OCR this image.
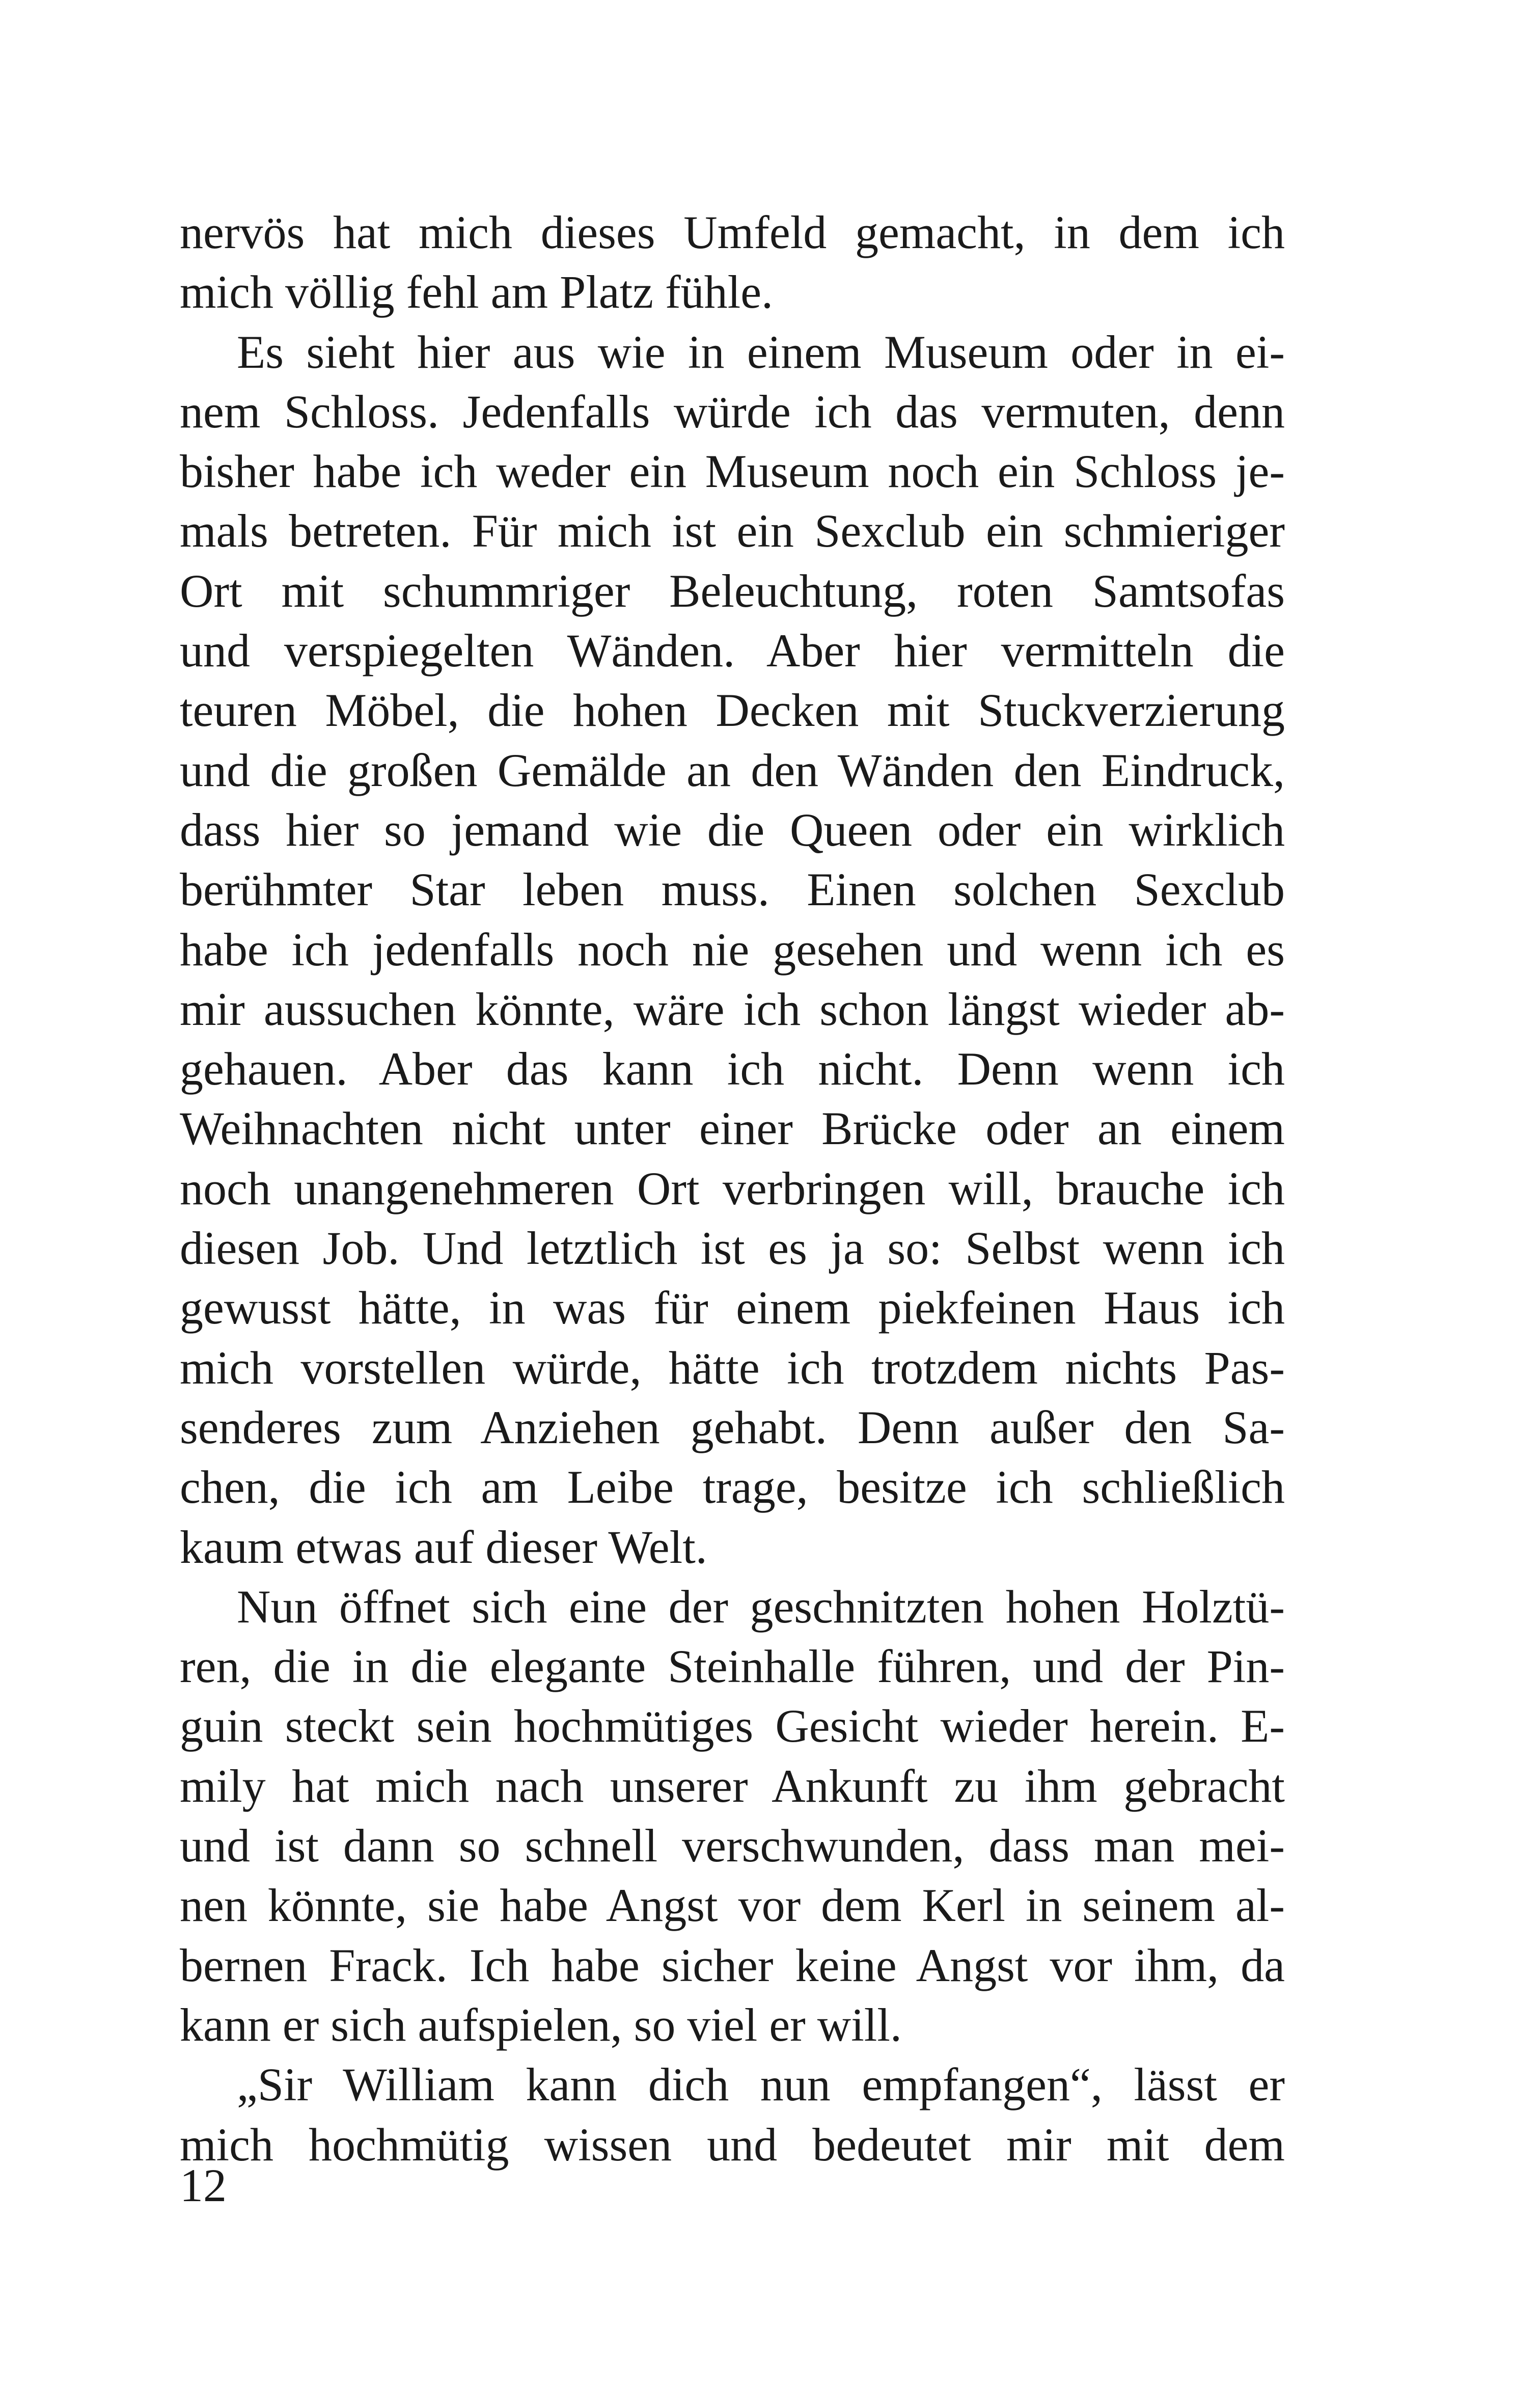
nervös hat mich dieses Umfeld gemacht, in dem ich
mich völlig fehl am Platz fühle.
Es sieht hier aus wie in einem Museum oder in ei-
nem Schloss. Jedenfalls würde ich das vermuten, denn
bisher habe ich weder ein Museum noch ein Schloss je-
mals betreten. Für mich ist ein Sexclub ein schmieriger
Ort mit schummriger Beleuchtung, roten Samtsofas
und verspiegelten Wänden. Aber hier vermitteln die
teuren Möbel, die hohen Decken mit Stuckverzierung
und die großen Gemälde an den Wänden den Eindruck,
dass hier so jemand wie die Queen oder ein wirklich
berühmter Star leben muss. Einen solchen Sexclub
habe ich jedenfalls noch nie gesehen und wenn ich es
mir aussuchen könnte, wäre ich schon längst wieder ab-
gehauen. Aber das kann ich nicht. Denn wenn ich
Weihnachten nicht unter einer Brücke oder an einem
noch unangenehmeren Ort verbringen will, brauche ich
diesen Job. Und letztlich ist es ja so: Selbst wenn ich
gewusst hätte, in was für einem piekfeinen Haus ich
mich vorstellen würde, hätte ich trotzdem nichts Pas-
senderes zum Anziehen gehabt. Denn außer den Sa-
chen, die ich am Leibe trage, besitze ich schließlich
kaum etwas auf dieser Welt.
Nun öffnet sich eine der geschnitzten hohen Holztü-
ren, die in die elegante Steinhalle führen, und der Pin-
guin steckt sein hochmütiges Gesicht wieder herein. E-
mily hat mich nach unserer Ankunft zu ihm gebracht
und ist dann so schnell verschwunden, dass man mei-
nen könnte, sie habe Angst vor dem Kerl in seinem al-
bernen Frack. Ich habe sicher keine Angst vor ihm, da
kann er sich aufspielen, so viel er will.
„Sir William kann dich nun empfangen“, lässt er
mich hochmütig wissen und bedeutet mir mit dem
12
